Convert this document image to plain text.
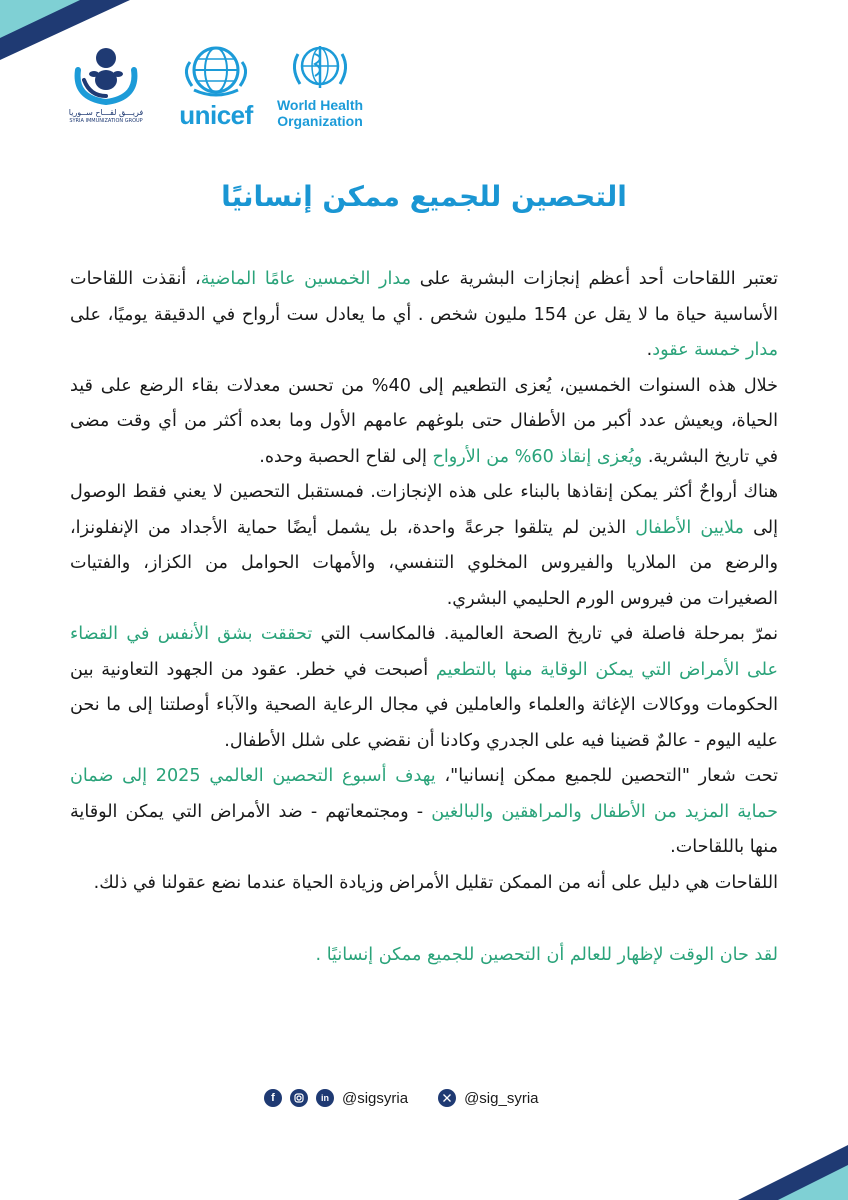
فريـــق لقـــاح ســوريا
SYRIA IMMUNIZATION GROUP	unicef	World Health
Organization
التحصين للجميع ممكن إنسانيًا

تعتبر اللقاحات أحد أعظم إنجازات البشرية على مدار الخمسين عامًا الماضية، أنقذت اللقاحات الأساسية حياة ما لا يقل عن 154 مليون شخص . أي ما يعادل ست أرواح في الدقيقة يوميًا، على مدار خمسة عقود.

خلال هذه السنوات الخمسين، يُعزى التطعيم إلى 40% من تحسن معدلات بقاء الرضع على قيد الحياة، ويعيش عدد أكبر من الأطفال حتى بلوغهم عامهم الأول وما بعده أكثر من أي وقت مضى في تاريخ البشرية. ويُعزى إنقاذ 60% من الأرواح إلى لقاح الحصبة وحده.

هناك أرواحٌ أكثر يمكن إنقاذها بالبناء على هذه الإنجازات. فمستقبل التحصين لا يعني فقط الوصول إلى ملايين الأطفال الذين لم يتلقوا جرعةً واحدة، بل يشمل أيضًا حماية الأجداد من الإنفلونزا، والرضع من الملاريا والفيروس المخلوي التنفسي، والأمهات الحوامل من الكزاز، والفتيات الصغيرات من فيروس الورم الحليمي البشري.

نمرّ بمرحلة فاصلة في تاريخ الصحة العالمية. فالمكاسب التي تحققت بشق الأنفس في القضاء على الأمراض التي يمكن الوقاية منها بالتطعيم أصبحت في خطر. عقود من الجهود التعاونية بين الحكومات ووكالات الإغاثة والعلماء والعاملين في مجال الرعاية الصحية والآباء أوصلتنا إلى ما نحن عليه اليوم - عالمٌ قضينا فيه على الجدري وكادنا أن نقضي على شلل الأطفال.

تحت شعار "التحصين للجميع ممكن إنسانيا"، يهدف أسبوع التحصين العالمي 2025 إلى ضمان حماية المزيد من الأطفال والمراهقين والبالغين - ومجتمعاتهم - ضد الأمراض التي يمكن الوقاية منها باللقاحات.

اللقاحات هي دليل على أنه من الممكن تقليل الأمراض وزيادة الحياة عندما نضع عقولنا في ذلك.

لقد حان الوقت لإظهار للعالم أن التحصين للجميع ممكن إنسانيًا .

f	in @sigsyria	@sig_syria
